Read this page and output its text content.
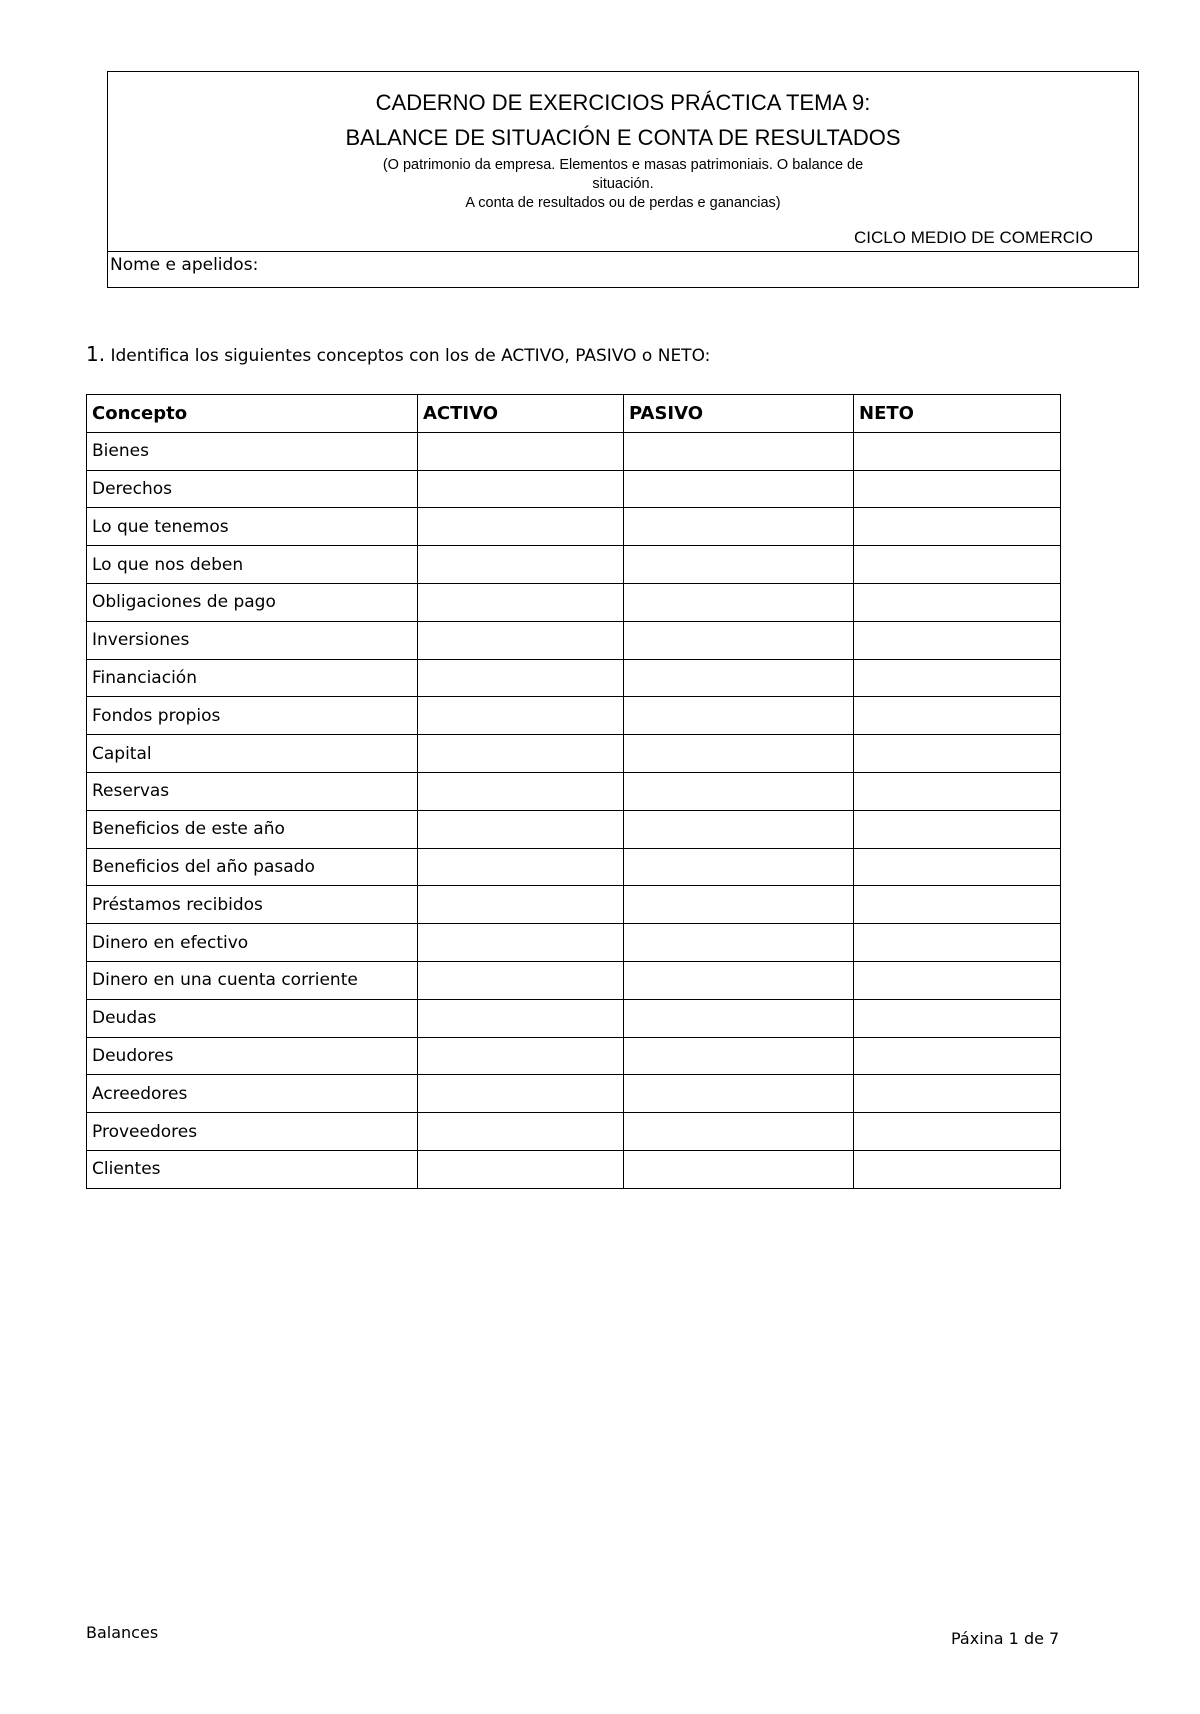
CADERNO DE EXERCICIOS PRÁCTICA TEMA 9:
BALANCE DE SITUACIÓN E CONTA DE RESULTADOS
(O patrimonio da empresa. Elementos e masas patrimoniais. O balance de situación.
A conta de resultados ou de perdas e ganancias)
CICLO MEDIO DE COMERCIO
Nome e apelidos:
1. Identifica los siguientes conceptos con los de ACTIVO, PASIVO o NETO:
Concepto	ACTIVO	PASIVO	NETO
Bienes			
Derechos			
Lo que tenemos			
Lo que nos deben			
Obligaciones de pago			
Inversiones			
Financiación			
Fondos propios			
Capital			
Reservas			
Beneficios de este año			
Beneficios del año pasado			
Préstamos recibidos			
Dinero en efectivo			
Dinero en una cuenta corriente			
Deudas			
Deudores			
Acreedores			
Proveedores			
Clientes			
Balances	Páxina 1 de 7
